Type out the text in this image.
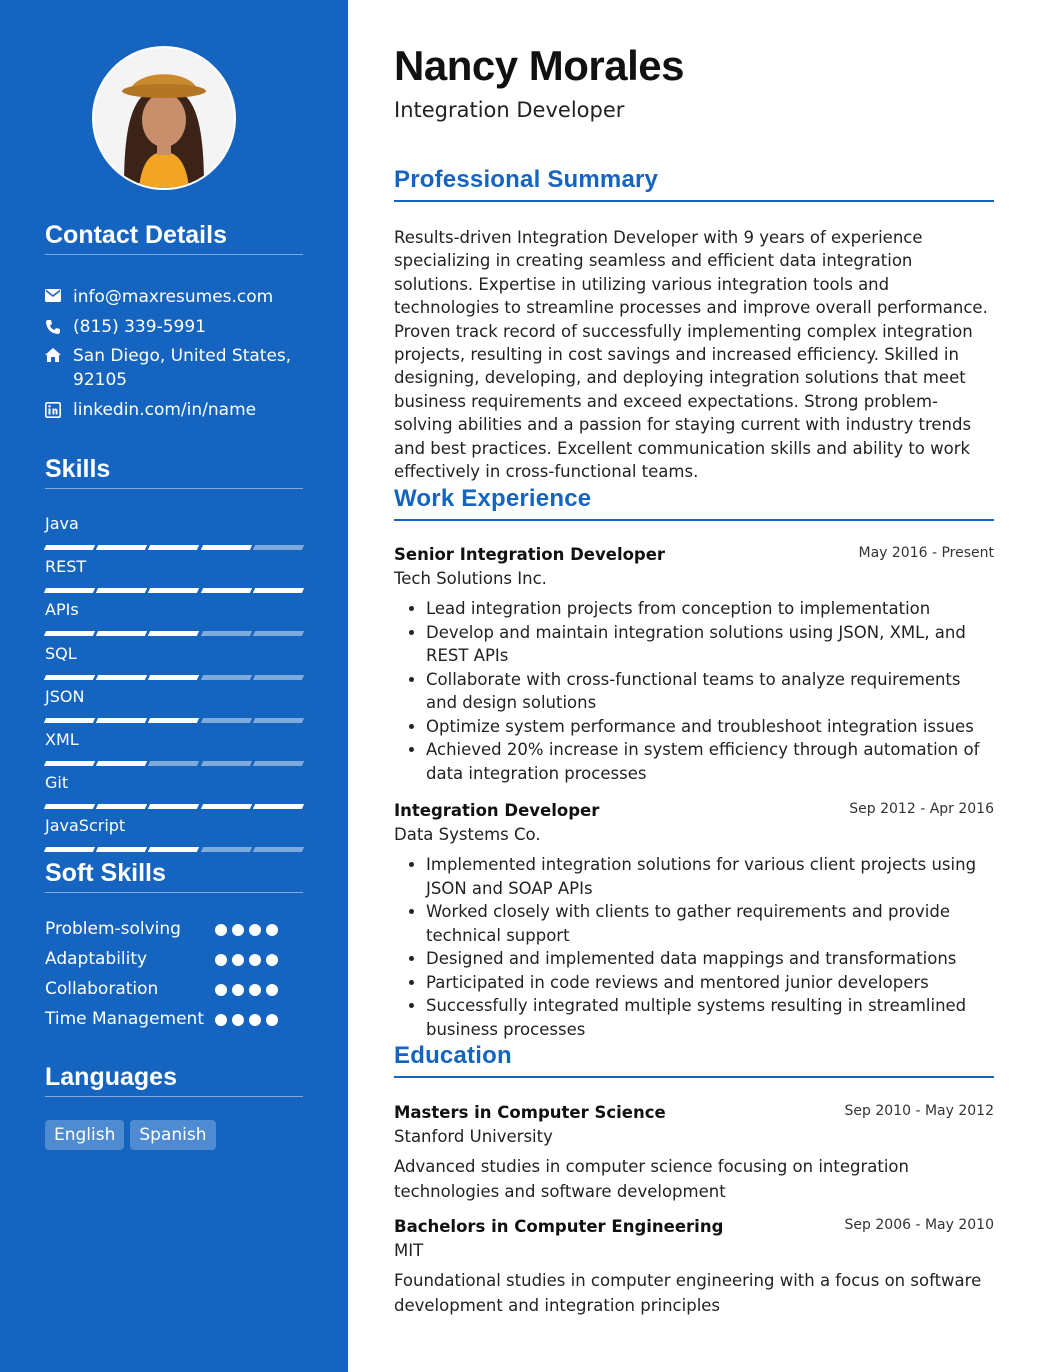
Contact Details
info@maxresumes.com
(815) 339-5991
San Diego, United States, 92105
linkedin.com/in/name
Skills
Java
REST
APIs
SQL
JSON
XML
Git
JavaScript
Soft Skills
Problem-solving
Adaptability
Collaboration
Time Management
Languages
English	Spanish
Nancy Morales
Integration Developer
Professional Summary
Results-driven Integration Developer with 9 years of experience specializing in creating seamless and efficient data integration solutions. Expertise in utilizing various integration tools and technologies to streamline processes and improve overall performance. Proven track record of successfully implementing complex integration projects, resulting in cost savings and increased efficiency. Skilled in designing, developing, and deploying integration solutions that meet business requirements and exceed expectations. Strong problem-solving abilities and a passion for staying current with industry trends and best practices. Excellent communication skills and ability to work effectively in cross-functional teams.
Work Experience
Senior Integration Developer	May 2016 - Present
Tech Solutions Inc.
• Lead integration projects from conception to implementation
• Develop and maintain integration solutions using JSON, XML, and REST APIs
• Collaborate with cross-functional teams to analyze requirements and design solutions
• Optimize system performance and troubleshoot integration issues
• Achieved 20% increase in system efficiency through automation of data integration processes
Integration Developer	Sep 2012 - Apr 2016
Data Systems Co.
• Implemented integration solutions for various client projects using JSON and SOAP APIs
• Worked closely with clients to gather requirements and provide technical support
• Designed and implemented data mappings and transformations
• Participated in code reviews and mentored junior developers
• Successfully integrated multiple systems resulting in streamlined business processes
Education
Masters in Computer Science	Sep 2010 - May 2012
Stanford University
Advanced studies in computer science focusing on integration technologies and software development
Bachelors in Computer Engineering	Sep 2006 - May 2010
MIT
Foundational studies in computer engineering with a focus on software development and integration principles
